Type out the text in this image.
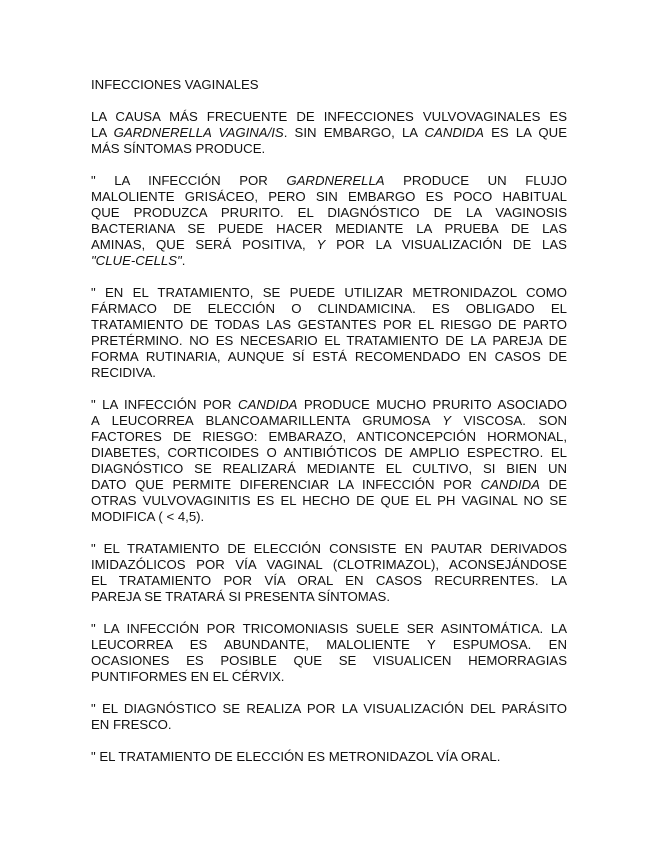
INFECCIONES VAGINALES
LA CAUSA MÁS FRECUENTE DE INFECCIONES VULVOVAGINALES ES
LA GARDNERELLA VAGINA/IS. SIN EMBARGO, LA CANDIDA ES LA QUE
MÁS SÍNTOMAS PRODUCE.
" LA INFECCIÓN POR GARDNERELLA PRODUCE UN FLUJO
MALOLIENTE GRISÁCEO, PERO SIN EMBARGO ES POCO HABITUAL
QUE PRODUZCA PRURITO. EL DIAGNÓSTICO DE LA VAGINOSIS
BACTERIANA SE PUEDE HACER MEDIANTE LA PRUEBA DE LAS
AMINAS, QUE SERÁ POSITIVA, Y POR LA VISUALIZACIÓN DE LAS
"CLUE-CELLS".
" EN EL TRATAMIENTO, SE PUEDE UTILIZAR METRONIDAZOL COMO
FÁRMACO DE ELECCIÓN O CLINDAMICINA. ES OBLIGADO EL
TRATAMIENTO DE TODAS LAS GESTANTES POR EL RIESGO DE PARTO
PRETÉRMINO. NO ES NECESARIO EL TRATAMIENTO DE LA PAREJA DE
FORMA RUTINARIA, AUNQUE SÍ ESTÁ RECOMENDADO EN CASOS DE
RECIDIVA.
" LA INFECCIÓN POR CANDIDA PRODUCE MUCHO PRURITO ASOCIADO
A LEUCORREA BLANCOAMARILLENTA GRUMOSA Y VISCOSA. SON
FACTORES DE RIESGO: EMBARAZO, ANTICONCEPCIÓN HORMONAL,
DIABETES, CORTICOIDES O ANTIBIÓTICOS DE AMPLIO ESPECTRO. EL
DIAGNÓSTICO SE REALIZARÁ MEDIANTE EL CULTIVO, SI BIEN UN
DATO QUE PERMITE DIFERENCIAR LA INFECCIÓN POR CANDIDA DE
OTRAS VULVOVAGINITIS ES EL HECHO DE QUE EL PH VAGINAL NO SE
MODIFICA ( < 4,5).
" EL TRATAMIENTO DE ELECCIÓN CONSISTE EN PAUTAR DERIVADOS
IMIDAZÓLICOS POR VÍA VAGINAL (CLOTRIMAZOL), ACONSEJÁNDOSE
EL TRATAMIENTO POR VÍA ORAL EN CASOS RECURRENTES. LA
PAREJA SE TRATARÁ SI PRESENTA SÍNTOMAS.
" LA INFECCIÓN POR TRICOMONIASIS SUELE SER ASINTOMÁTICA. LA
LEUCORREA ES ABUNDANTE, MALOLIENTE Y ESPUMOSA. EN
OCASIONES ES POSIBLE QUE SE VISUALICEN HEMORRAGIAS
PUNTIFORMES EN EL CÉRVIX.
" EL DIAGNÓSTICO SE REALIZA POR LA VISUALIZACIÓN DEL PARÁSITO
EN FRESCO.
" EL TRATAMIENTO DE ELECCIÓN ES METRONIDAZOL VÍA ORAL.
